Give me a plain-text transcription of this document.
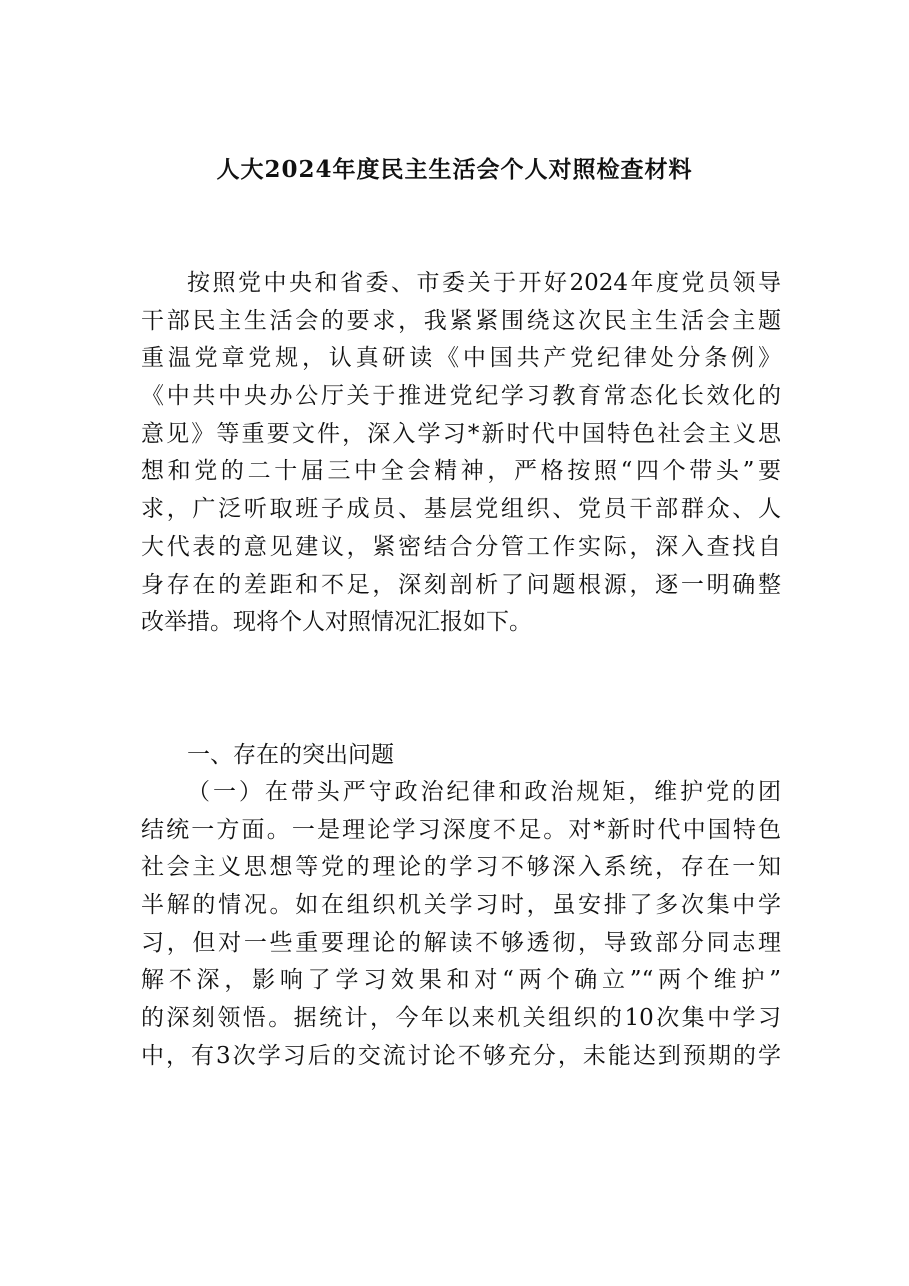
人大2024年度民主生活会个人对照检查材料
按照党中央和省委、市委关于开好2024年度党员领导
干部民主生活会的要求，我紧紧围绕这次民主生活会主题
重温党章党规，认真研读《中国共产党纪律处分条例》
《中共中央办公厅关于推进党纪学习教育常态化长效化的
意见》等重要文件，深入学习*新时代中国特色社会主义思
想和党的二十届三中全会精神，严格按照“四个带头”要
求，广泛听取班子成员、基层党组织、党员干部群众、人
大代表的意见建议，紧密结合分管工作实际，深入查找自
身存在的差距和不足，深刻剖析了问题根源，逐一明确整
改举措。现将个人对照情况汇报如下。
一、存在的突出问题
（一）在带头严守政治纪律和政治规矩，维护党的团
结统一方面。一是理论学习深度不足。对*新时代中国特色
社会主义思想等党的理论的学习不够深入系统，存在一知
半解的情况。如在组织机关学习时，虽安排了多次集中学
习，但对一些重要理论的解读不够透彻，导致部分同志理
解不深，影响了学习效果和对“两个确立”“两个维护”
的深刻领悟。据统计，今年以来机关组织的10次集中学习
中，有3次学习后的交流讨论不够充分，未能达到预期的学
